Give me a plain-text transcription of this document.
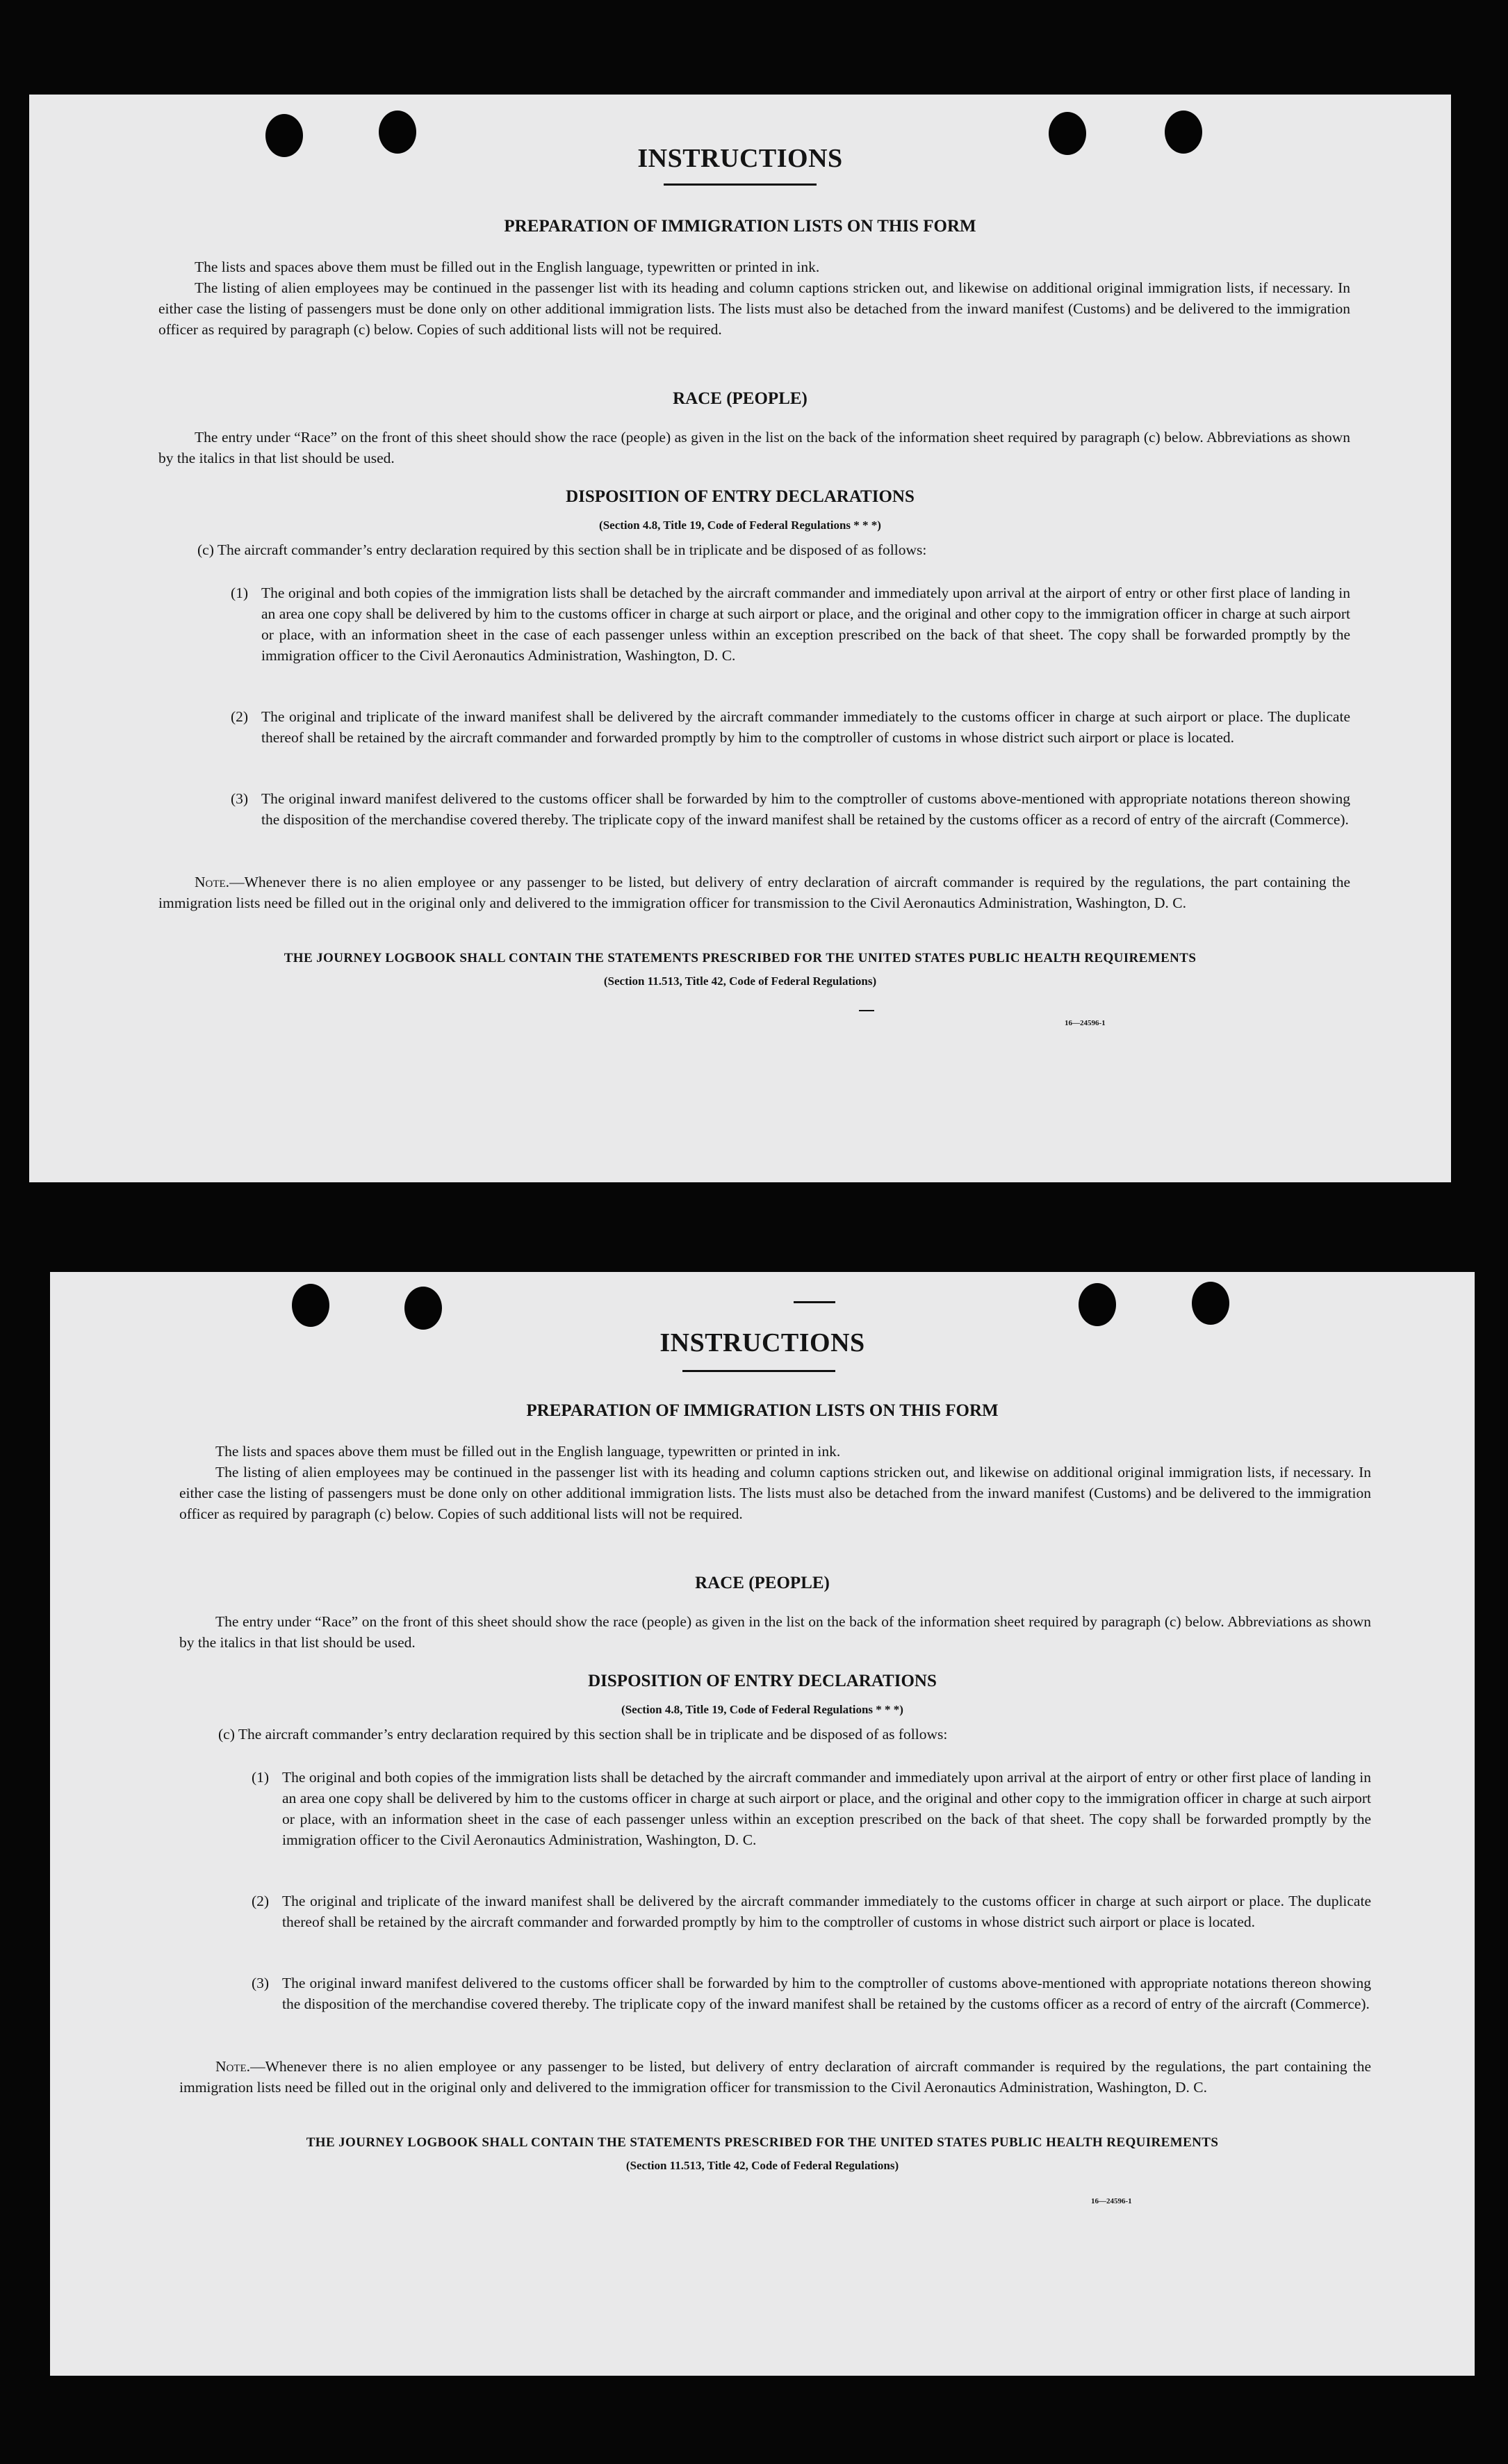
INSTRUCTIONS
PREPARATION OF IMMIGRATION LISTS ON THIS FORM

The lists and spaces above them must be filled out in the English language, typewritten or printed in ink.

The listing of alien employees may be continued in the passenger list with its heading and column captions stricken out, and likewise on additional original immigration lists, if necessary. In either case the listing of passengers must be done only on other additional immigration lists. The lists must also be detached from the inward manifest (Customs) and be delivered to the immigration officer as required by paragraph (c) below. Copies of such additional lists will not be required.

RACE (PEOPLE)

The entry under “Race” on the front of this sheet should show the race (people) as given in the list on the back of the information sheet required by paragraph (c) below. Abbreviations as shown by the italics in that list should be used.

DISPOSITION OF ENTRY DECLARATIONS
(Section 4.8, Title 19, Code of Federal Regulations * * *)

(c) The aircraft commander’s entry declaration required by this section shall be in triplicate and be disposed of as follows:

(1) The original and both copies of the immigration lists shall be detached by the aircraft commander and immediately upon arrival at the airport of entry or other first place of landing in an area one copy shall be delivered by him to the customs officer in charge at such airport or place, and the original and other copy to the immigration officer in charge at such airport or place, with an information sheet in the case of each passenger unless within an exception prescribed on the back of that sheet. The copy shall be forwarded promptly by the immigration officer to the Civil Aeronautics Administration, Washington, D. C.
(2) The original and triplicate of the inward manifest shall be delivered by the aircraft commander immediately to the customs officer in charge at such airport or place. The duplicate thereof shall be retained by the aircraft commander and forwarded promptly by him to the comptroller of customs in whose district such airport or place is located.
(3) The original inward manifest delivered to the customs officer shall be forwarded by him to the comptroller of customs above-mentioned with appropriate notations thereon showing the disposition of the merchandise covered thereby. The triplicate copy of the inward manifest shall be retained by the customs officer as a record of entry of the aircraft (Commerce).

Note.—Whenever there is no alien employee or any passenger to be listed, but delivery of entry declaration of aircraft commander is required by the regulations, the part containing the immigration lists need be filled out in the original only and delivered to the immigration officer for transmission to the Civil Aeronautics Administration, Washington, D. C.

THE JOURNEY LOGBOOK SHALL CONTAIN THE STATEMENTS PRESCRIBED FOR THE UNITED STATES PUBLIC HEALTH REQUIREMENTS
(Section 11.513, Title 42, Code of Federal Regulations)
16—24596-1
INSTRUCTIONS
PREPARATION OF IMMIGRATION LISTS ON THIS FORM

The lists and spaces above them must be filled out in the English language, typewritten or printed in ink.

The listing of alien employees may be continued in the passenger list with its heading and column captions stricken out, and likewise on additional original immigration lists, if necessary. In either case the listing of passengers must be done only on other additional immigration lists. The lists must also be detached from the inward manifest (Customs) and be delivered to the immigration officer as required by paragraph (c) below. Copies of such additional lists will not be required.

RACE (PEOPLE)

The entry under “Race” on the front of this sheet should show the race (people) as given in the list on the back of the information sheet required by paragraph (c) below. Abbreviations as shown by the italics in that list should be used.

DISPOSITION OF ENTRY DECLARATIONS
(Section 4.8, Title 19, Code of Federal Regulations * * *)

(c) The aircraft commander’s entry declaration required by this section shall be in triplicate and be disposed of as follows:

(1) The original and both copies of the immigration lists shall be detached by the aircraft commander and immediately upon arrival at the airport of entry or other first place of landing in an area one copy shall be delivered by him to the customs officer in charge at such airport or place, and the original and other copy to the immigration officer in charge at such airport or place, with an information sheet in the case of each passenger unless within an exception prescribed on the back of that sheet. The copy shall be forwarded promptly by the immigration officer to the Civil Aeronautics Administration, Washington, D. C.
(2) The original and triplicate of the inward manifest shall be delivered by the aircraft commander immediately to the customs officer in charge at such airport or place. The duplicate thereof shall be retained by the aircraft commander and forwarded promptly by him to the comptroller of customs in whose district such airport or place is located.
(3) The original inward manifest delivered to the customs officer shall be forwarded by him to the comptroller of customs above-mentioned with appropriate notations thereon showing the disposition of the merchandise covered thereby. The triplicate copy of the inward manifest shall be retained by the customs officer as a record of entry of the aircraft (Commerce).

Note.—Whenever there is no alien employee or any passenger to be listed, but delivery of entry declaration of aircraft commander is required by the regulations, the part containing the immigration lists need be filled out in the original only and delivered to the immigration officer for transmission to the Civil Aeronautics Administration, Washington, D. C.

THE JOURNEY LOGBOOK SHALL CONTAIN THE STATEMENTS PRESCRIBED FOR THE UNITED STATES PUBLIC HEALTH REQUIREMENTS
(Section 11.513, Title 42, Code of Federal Regulations)
16—24596-1
